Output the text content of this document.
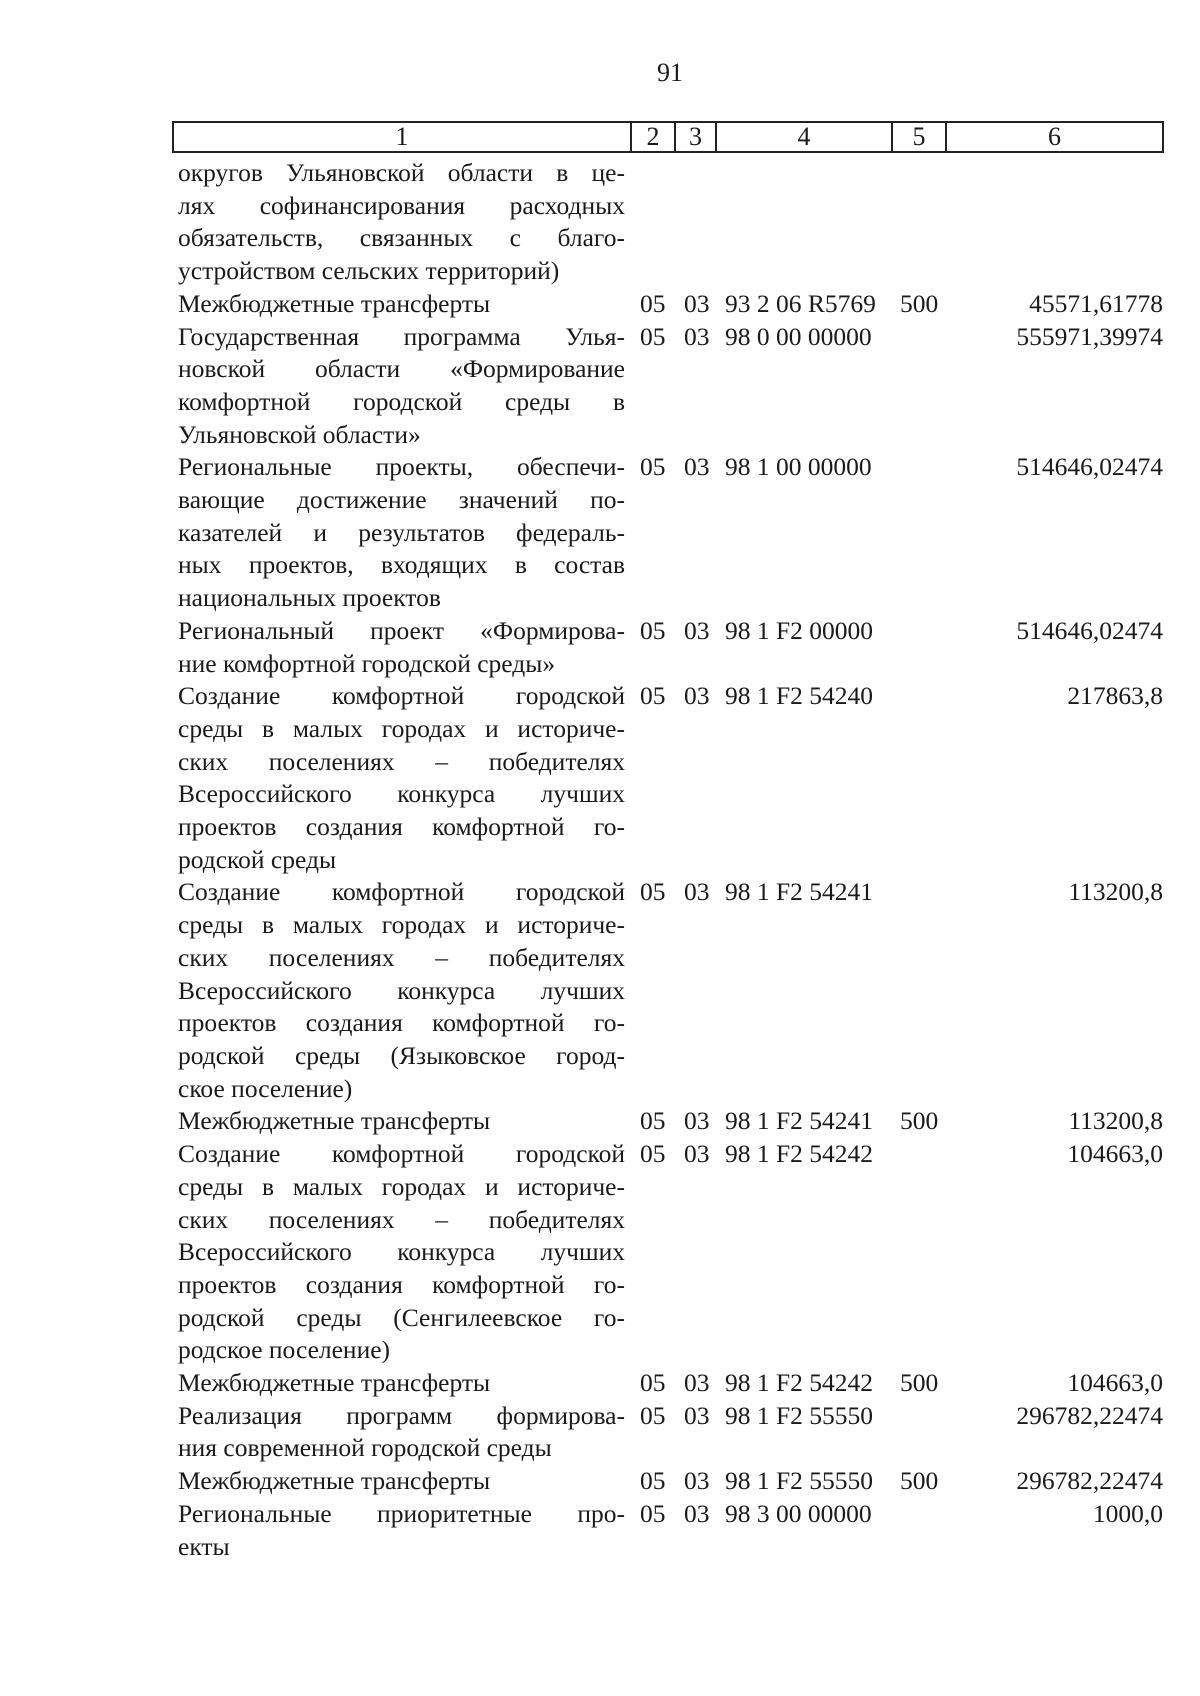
91
1	2	3	4	5	6
округов Ульяновской области в це-
лях софинансирования расходных
обязательств, связанных с благо-
устройством сельских территорий)
Межбюджетные трансферты	05 03 93 2 06 R5769 500	45571,61778
Государственная программа Улья-
новской области «Формирование
комфортной городской среды в
Ульяновской области»
05 03 98 0 00 00000	555971,39974
Региональные проекты, обеспечи-
вающие достижение значений по-
казателей и результатов федераль-
ных проектов, входящих в состав
национальных проектов
05 03 98 1 00 00000	514646,02474
Региональный проект «Формирова-
ние комфортной городской среды»
05 03 98 1 F2 00000	514646,02474
Создание комфортной городской
среды в малых городах и историче-
ских поселениях – победителях
Всероссийского конкурса лучших
проектов создания комфортной го-
родской среды
05 03 98 1 F2 54240	217863,8
Создание комфортной городской
среды в малых городах и историче-
ских поселениях – победителях
Всероссийского конкурса лучших
проектов создания комфортной го-
родской среды (Языковское город-
ское поселение)
05 03 98 1 F2 54241	113200,8
Межбюджетные трансферты	05 03 98 1 F2 54241 500	113200,8
Создание комфортной городской
среды в малых городах и историче-
ских поселениях – победителях
Всероссийского конкурса лучших
проектов создания комфортной го-
родской среды (Сенгилеевское го-
родское поселение)
05 03 98 1 F2 54242	104663,0
Межбюджетные трансферты	05 03 98 1 F2 54242 500	104663,0
Реализация программ формирова-
ния современной городской среды
05 03 98 1 F2 55550	296782,22474
Межбюджетные трансферты	05 03 98 1 F2 55550 500	296782,22474
Региональные приоритетные про-
екты
05 03 98 3 00 00000	1000,0
